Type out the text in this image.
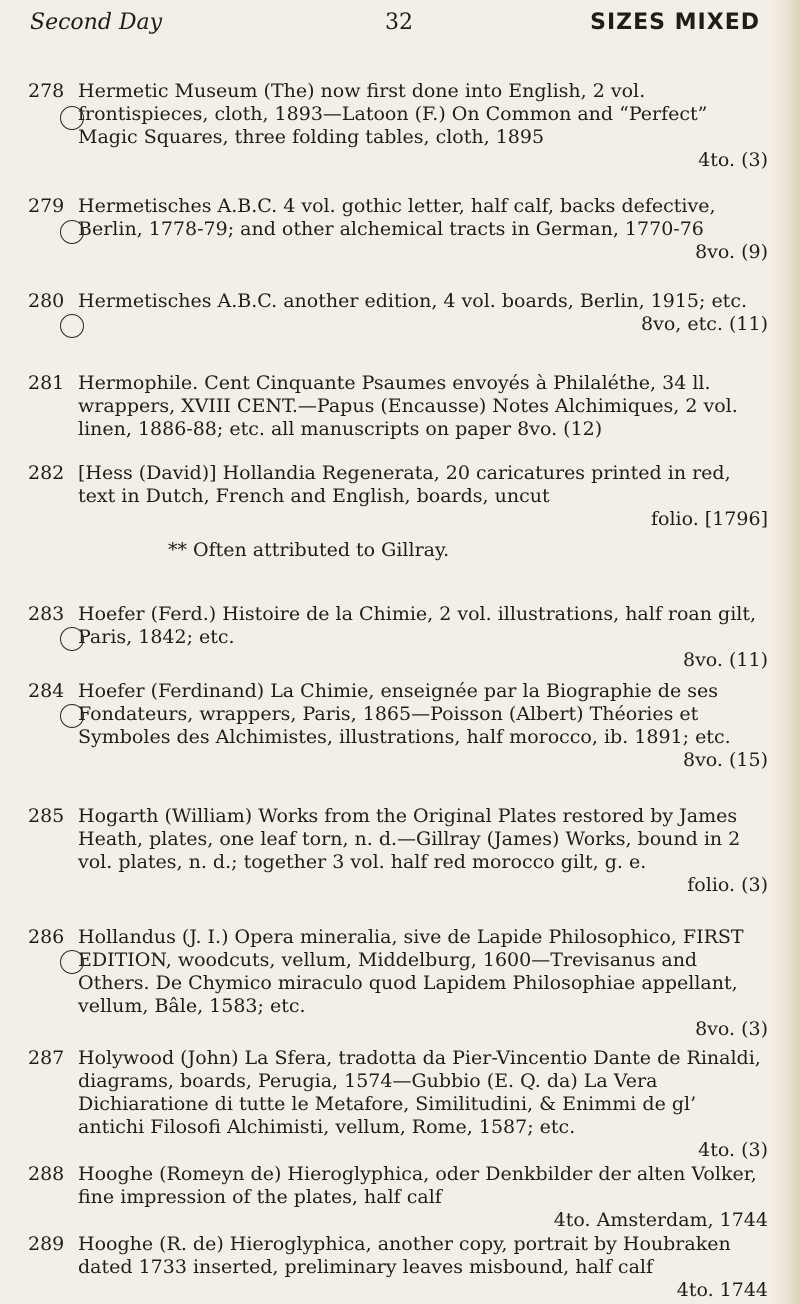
Second Day	32	SIZES MIXED
278 Hermetic Museum (The) now first done into English, 2 vol. frontispieces, cloth, 1893—Latoon (F.) On Common and “Perfect” Magic Squares, three folding tables, cloth, 1895
4to. (3)
279 Hermetisches A.B.C. 4 vol. gothic letter, half calf, backs defective, Berlin, 1778-79; and other alchemical tracts in German, 1770-76
8vo. (9)
280 Hermetisches A.B.C. another edition, 4 vol. boards, Berlin, 1915; etc.
8vo, etc. (11)
281 Hermophile. Cent Cinquante Psaumes envoyés à Philaléthe, 34 ll. wrappers, XVIII CENT.—Papus (Encausse) Notes Alchimiques, 2 vol. linen, 1886-88; etc. all manuscripts on paper 8vo. (12)
282 [Hess (David)] Hollandia Regenerata, 20 caricatures printed in red, text in Dutch, French and English, boards, uncut
folio. [1796]
** Often attributed to Gillray.
283 Hoefer (Ferd.) Histoire de la Chimie, 2 vol. illustrations, half roan gilt, Paris, 1842; etc.
8vo. (11)
284 Hoefer (Ferdinand) La Chimie, enseignée par la Biographie de ses Fondateurs, wrappers, Paris, 1865—Poisson (Albert) Théories et Symboles des Alchimistes, illustrations, half morocco, ib. 1891; etc.
8vo. (15)
285 Hogarth (William) Works from the Original Plates restored by James Heath, plates, one leaf torn, n. d.—Gillray (James) Works, bound in 2 vol. plates, n. d.; together 3 vol. half red morocco gilt, g. e.
folio. (3)
286 Hollandus (J. I.) Opera mineralia, sive de Lapide Philosophico, FIRST EDITION, woodcuts, vellum, Middelburg, 1600—Trevisanus and Others. De Chymico miraculo quod Lapidem Philosophiae appellant, vellum, Bâle, 1583; etc.
8vo. (3)
287 Holywood (John) La Sfera, tradotta da Pier-Vincentio Dante de Rinaldi, diagrams, boards, Perugia, 1574—Gubbio (E. Q. da) La Vera Dichiaratione di tutte le Metafore, Similitudini, & Enimmi de gl’ antichi Filosofi Alchimisti, vellum, Rome, 1587; etc.
4to. (3)
288 Hooghe (Romeyn de) Hieroglyphica, oder Denkbilder der alten Volker, fine impression of the plates, half calf
4to. Amsterdam, 1744
289 Hooghe (R. de) Hieroglyphica, another copy, portrait by Houbraken dated 1733 inserted, preliminary leaves misbound, half calf
4to. 1744
